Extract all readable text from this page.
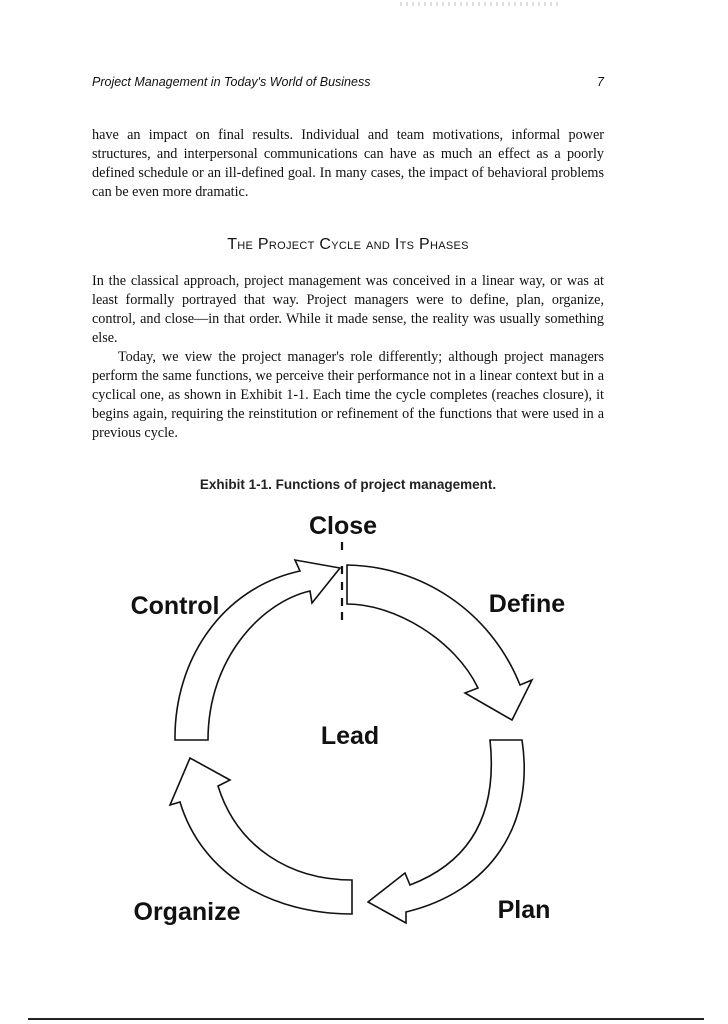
Project Management in Today's World of Business	7

have an impact on final results. Individual and team motivations, informal power structures, and interpersonal communications can have as much an effect as a poorly defined schedule or an ill-defined goal. In many cases, the impact of behavioral problems can be even more dramatic.

The Project Cycle and Its Phases

In the classical approach, project management was conceived in a linear way, or was at least formally portrayed that way. Project managers were to define, plan, organize, control, and close—in that order. While it made sense, the reality was usually something else.

Today, we view the project manager's role differently; although project managers perform the same functions, we perceive their performance not in a linear context but in a cyclical one, as shown in Exhibit 1-1. Each time the cycle completes (reaches closure), it begins again, requiring the reinstitution or refinement of the functions that were used in a previous cycle.

Exhibit 1-1. Functions of project management.
Close
Define
Control
Lead
Organize	Plan
